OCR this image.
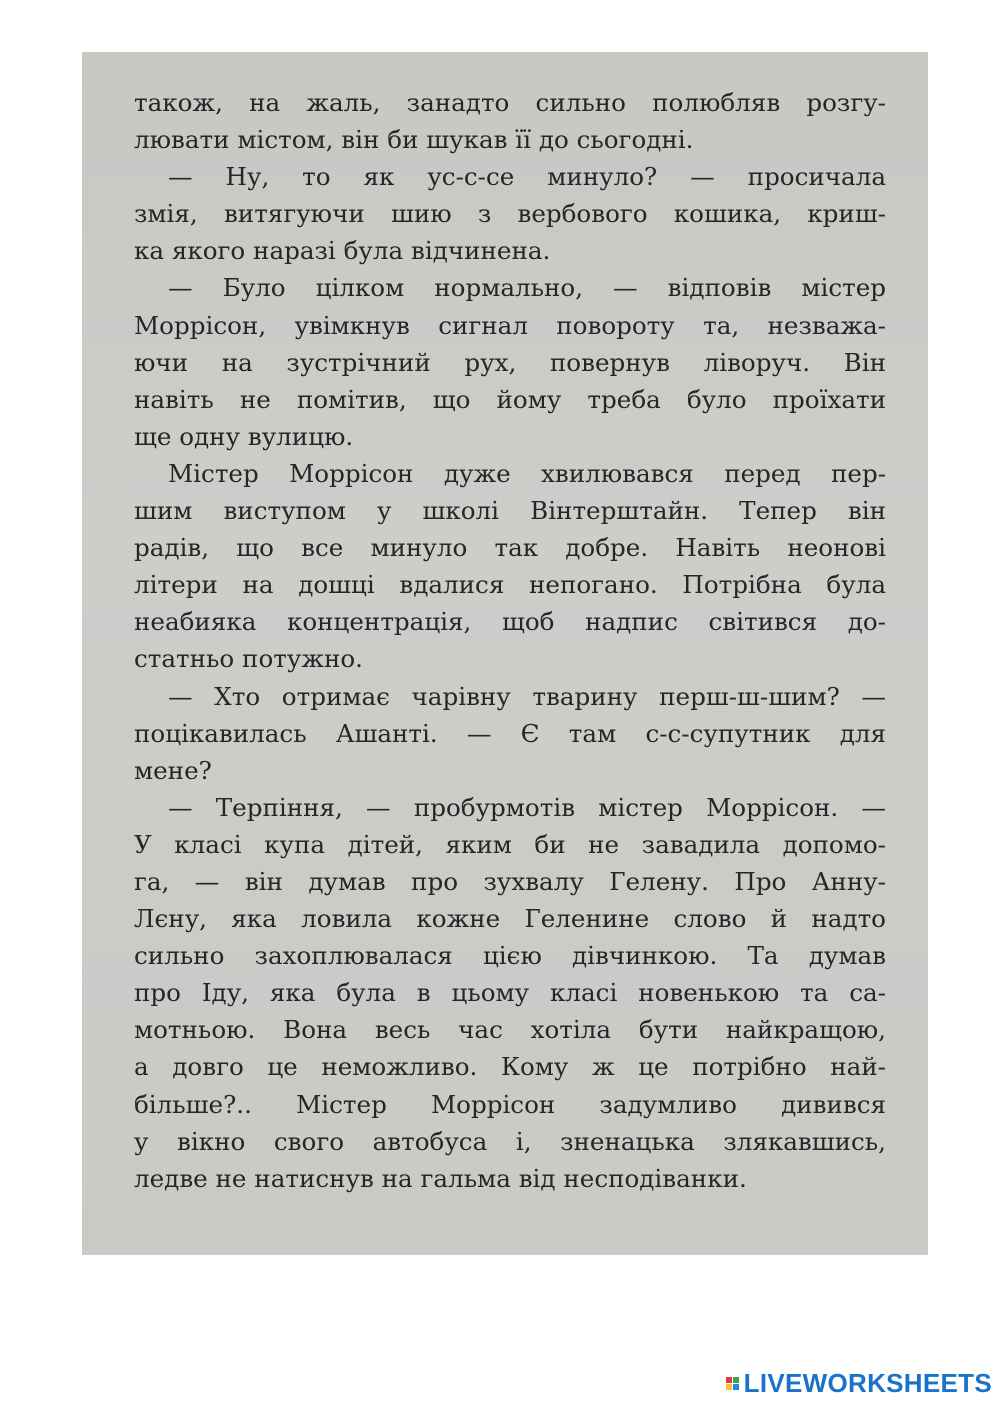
також, на жаль, занадто сильно полюбляв розгу-
лювати містом, він би шукав її до сьогодні.
— Ну, то як ус-с-се минуло? — просичала
змія, витягуючи шию з вербового кошика, криш-
ка якого наразі була відчинена.
— Було цілком нормально, — відповів містер
Моррісон, увімкнув сигнал повороту та, незважа-
ючи на зустрічний рух, повернув ліворуч. Він
навіть не помітив, що йому треба було проїхати
ще одну вулицю.
Містер Моррісон дуже хвилювався перед пер-
шим виступом у школі Вінтерштайн. Тепер він
радів, що все минуло так добре. Навіть неонові
літери на дошці вдалися непогано. Потрібна була
неабияка концентрація, щоб надпис світився до-
статньо потужно.
— Хто отримає чарівну тварину перш-ш-шим? —
поцікавилась Ашанті. — Є там с-с-супутник для
мене?
— Терпіння, — пробурмотів містер Моррісон. —
У класі купа дітей, яким би не завадила допомо-
га, — він думав про зухвалу Гелену. Про Анну-
Лєну, яка ловила кожне Геленине слово й надто
сильно захоплювалася цією дівчинкою. Та думав
про Іду, яка була в цьому класі новенькою та са-
мотньою. Вона весь час хотіла бути найкращою,
а довго це неможливо. Кому ж це потрібно най-
більше?.. Містер Моррісон задумливо дивився
у вікно свого автобуса і, зненацька злякавшись,
ледве не натиснув на гальма від несподіванки.
LIVEWORKSHEETS
